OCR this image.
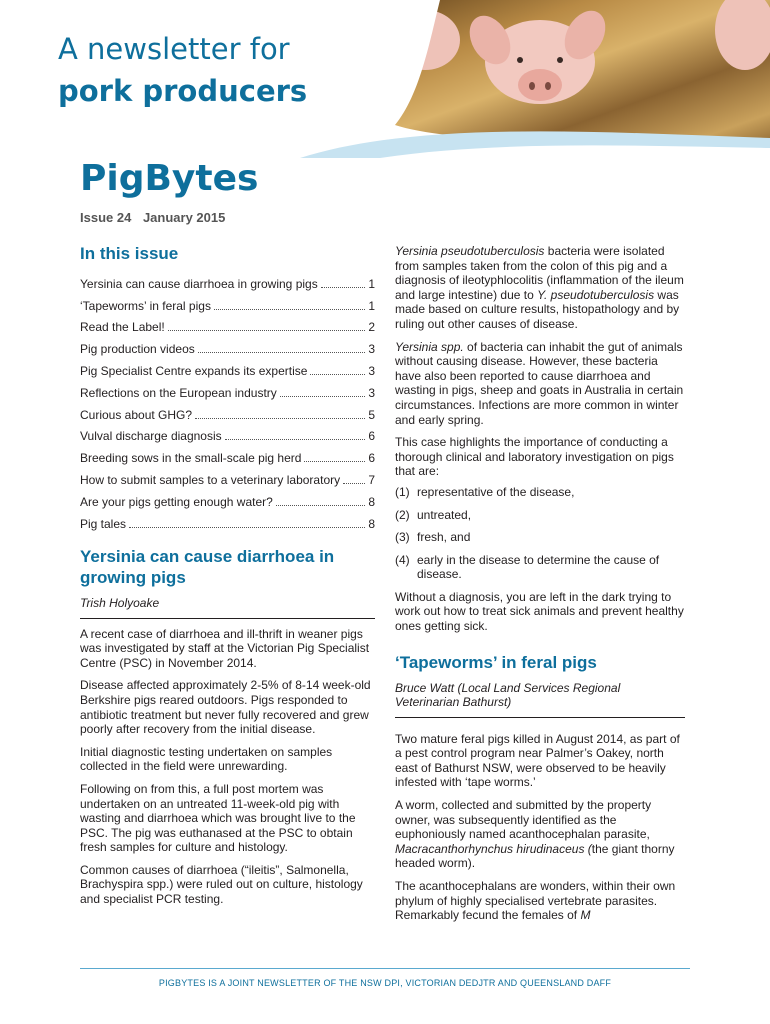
A newsletter for
pork producers
PigBytes
Issue 24 January 2015
In this issue
Yersinia can cause diarrhoea in growing pigs	1
‘Tapeworms’ in feral pigs	1
Read the Label!	2
Pig production videos	3
Pig Specialist Centre expands its expertise	3
Reflections on the European industry	3
Curious about GHG?	5
Vulval discharge diagnosis	6
Breeding sows in the small-scale pig herd	6
How to submit samples to a veterinary laboratory 7
Are your pigs getting enough water?	8
Pig tales	8
Yersinia can cause diarrhoea in growing pigs
Trish Holyoake

A recent case of diarrhoea and ill-thrift in weaner pigs was investigated by staff at the Victorian Pig Specialist Centre (PSC) in November 2014.

Disease affected approximately 2-5% of 8-14 week-old Berkshire pigs reared outdoors. Pigs responded to antibiotic treatment but never fully recovered and grew poorly after recovery from the initial disease.

Initial diagnostic testing undertaken on samples collected in the field were unrewarding.

Following on from this, a full post mortem was undertaken on an untreated 11-week-old pig with wasting and diarrhoea which was brought live to the PSC. The pig was euthanased at the PSC to obtain fresh samples for culture and histology.

Common causes of diarrhoea (“ileitis”, Salmonella, Brachyspira spp.) were ruled out on culture, histology and specialist PCR testing.

Yersinia pseudotuberculosis bacteria were isolated from samples taken from the colon of this pig and a diagnosis of ileotyphlocolitis (inflammation of the ileum and large intestine) due to Y. pseudotuberculosis was made based on culture results, histopathology and by ruling out other causes of disease.

Yersinia spp. of bacteria can inhabit the gut of animals without causing disease. However, these bacteria have also been reported to cause diarrhoea and wasting in pigs, sheep and goats in Australia in certain circumstances. Infections are more common in winter and early spring.

This case highlights the importance of conducting a thorough clinical and laboratory investigation on pigs that are:

(1) representative of the disease,
(2) untreated,
(3) fresh, and
(4) early in the disease to determine the cause of disease.

Without a diagnosis, you are left in the dark trying to work out how to treat sick animals and prevent healthy ones getting sick.

‘Tapeworms’ in feral pigs
Bruce Watt (Local Land Services Regional Veterinarian Bathurst)

Two mature feral pigs killed in August 2014, as part of a pest control program near Palmer’s Oakey, north east of Bathurst NSW, were observed to be heavily infested with ‘tape worms.’

A worm, collected and submitted by the property owner, was subsequently identified as the euphoniously named acanthocephalan parasite, Macracanthorhynchus hirudinaceus (the giant thorny headed worm).

The acanthocephalans are wonders, within their own phylum of highly specialised vertebrate parasites. Remarkably fecund the females of M

PIGBYTES IS A JOINT NEWSLETTER OF THE NSW DPI, VICTORIAN DEDJTR AND QUEENSLAND DAFF
